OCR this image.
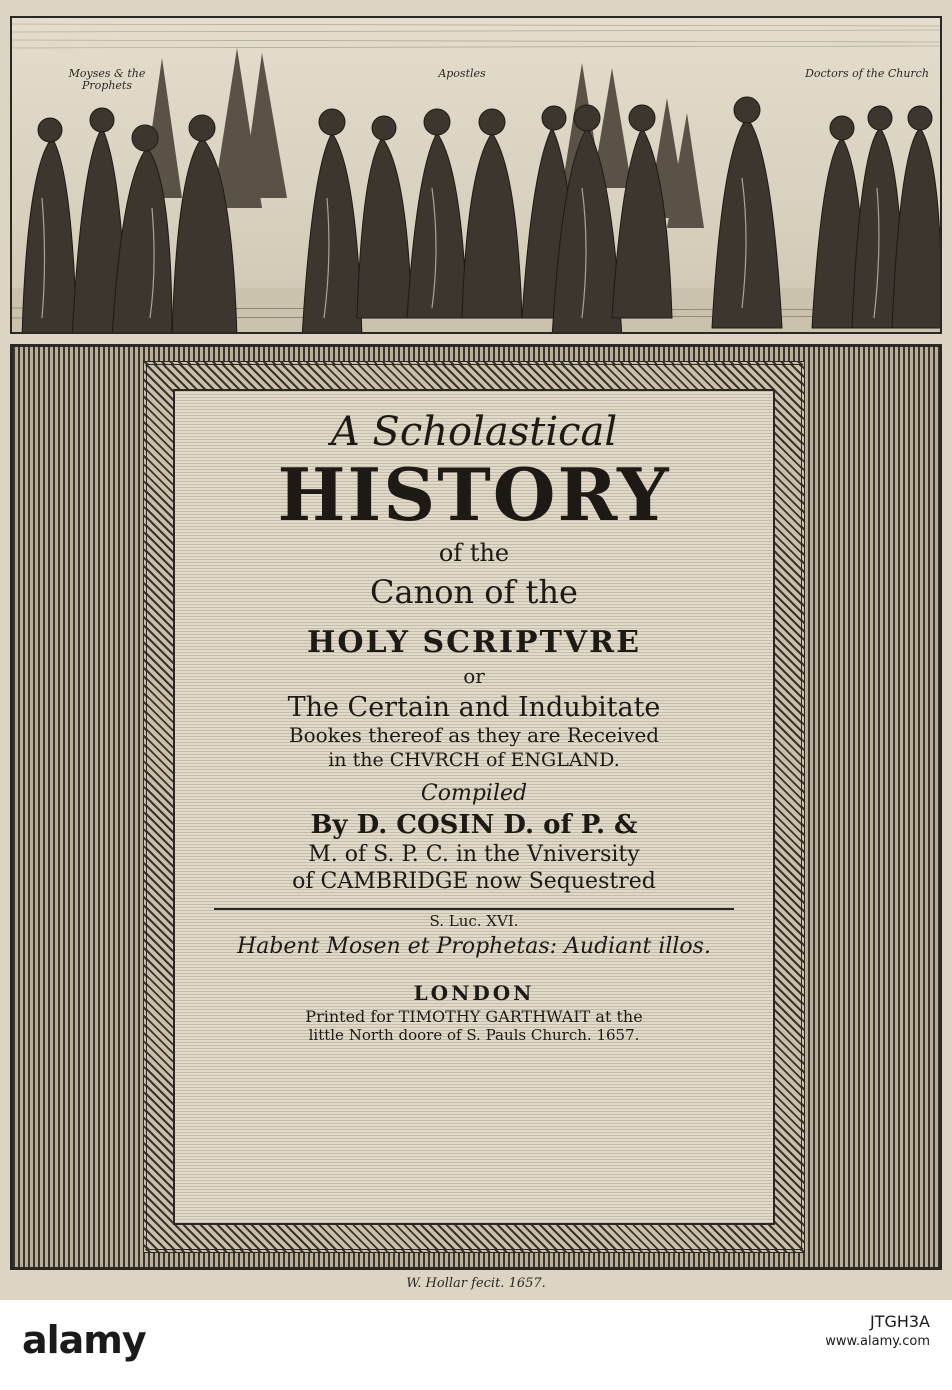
Moyses & the Prophets
Apostles	Doctors of the Church
A Scholastical
HISTORY
of the
Canon of the
HOLY SCRIPTVRE
or
The Certain and Indubitate
Bookes thereof as they are Received
in the CHVRCH of ENGLAND.
Compiled
By D. COSIN D. of P. &
M. of S. P. C. in the Vniversity
of CAMBRIDGE now Sequestred
S. Luc. XVI.
Habent Mosen et Prophetas: Audiant illos.
LONDON
Printed for TIMOTHY GARTHWAIT at the
little North doore of S. Pauls Church. 1657.
W. Hollar fecit. 1657.
alamy	JTGH3A
www.alamy.com
